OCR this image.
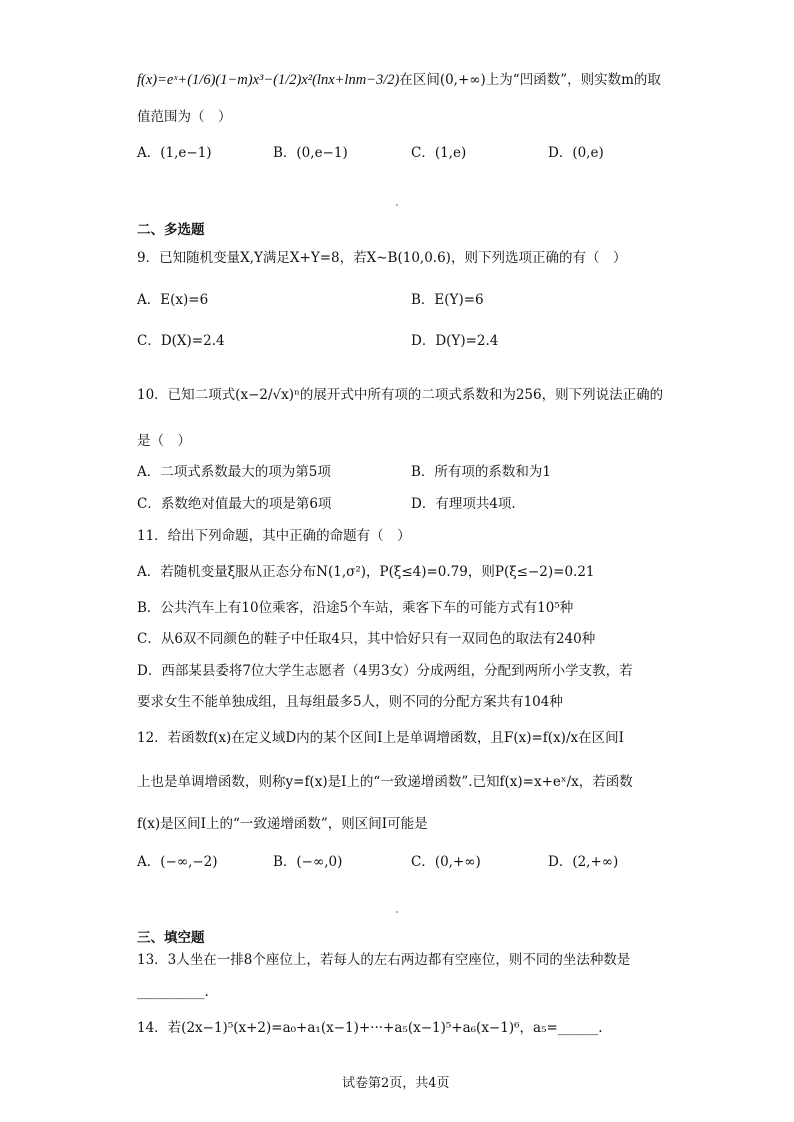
f(x)=eˣ+(1/6)(1−m)x³−(1/2)x²(lnx+lnm−3/2)在区间(0,+∞)上为“凹函数”，则实数m的取
值范围为（　）
A．(1,e−1)	B．(0,e−1)	C．(1,e)	D．(0,e)
二、多选题
9．已知随机变量X,Y满足X+Y=8，若X∼B(10,0.6)，则下列选项正确的有（　）
A．E(x)=6	B．E(Y)=6
C．D(X)=2.4	D．D(Y)=2.4
10．已知二项式(x−2/√x)ⁿ的展开式中所有项的二项式系数和为256，则下列说法正确的
是（　）
A．二项式系数最大的项为第5项	B．所有项的系数和为1
C．系数绝对值最大的项是第6项	D．有理项共4项.
11．给出下列命题，其中正确的命题有（　）
A．若随机变量ξ服从正态分布N(1,σ²)，P(ξ≤4)=0.79，则P(ξ≤−2)=0.21
B．公共汽车上有10位乘客，沿途5个车站，乘客下车的可能方式有10⁵种
C．从6双不同颜色的鞋子中任取4只，其中恰好只有一双同色的取法有240种
D．西部某县委将7位大学生志愿者（4男3女）分成两组，分配到两所小学支教，若
要求女生不能单独成组，且每组最多5人，则不同的分配方案共有104种
12．若函数f(x)在定义域D内的某个区间I上是单调增函数，且F(x)=f(x)/x在区间I
上也是单调增函数，则称y=f(x)是I上的“一致递增函数”.已知f(x)=x+eˣ/x，若函数
f(x)是区间I上的“一致递增函数”，则区间I可能是
A．(−∞,−2)	B．(−∞,0)	C．(0,+∞)	D．(2,+∞)
三、填空题
13．3人坐在一排8个座位上，若每人的左右两边都有空座位，则不同的坐法种数是
__________.
14．若(2x−1)⁵(x+2)=a₀+a₁(x−1)+···+a₅(x−1)⁵+a₆(x−1)⁶，a₅=______.
试卷第2页，共4页
